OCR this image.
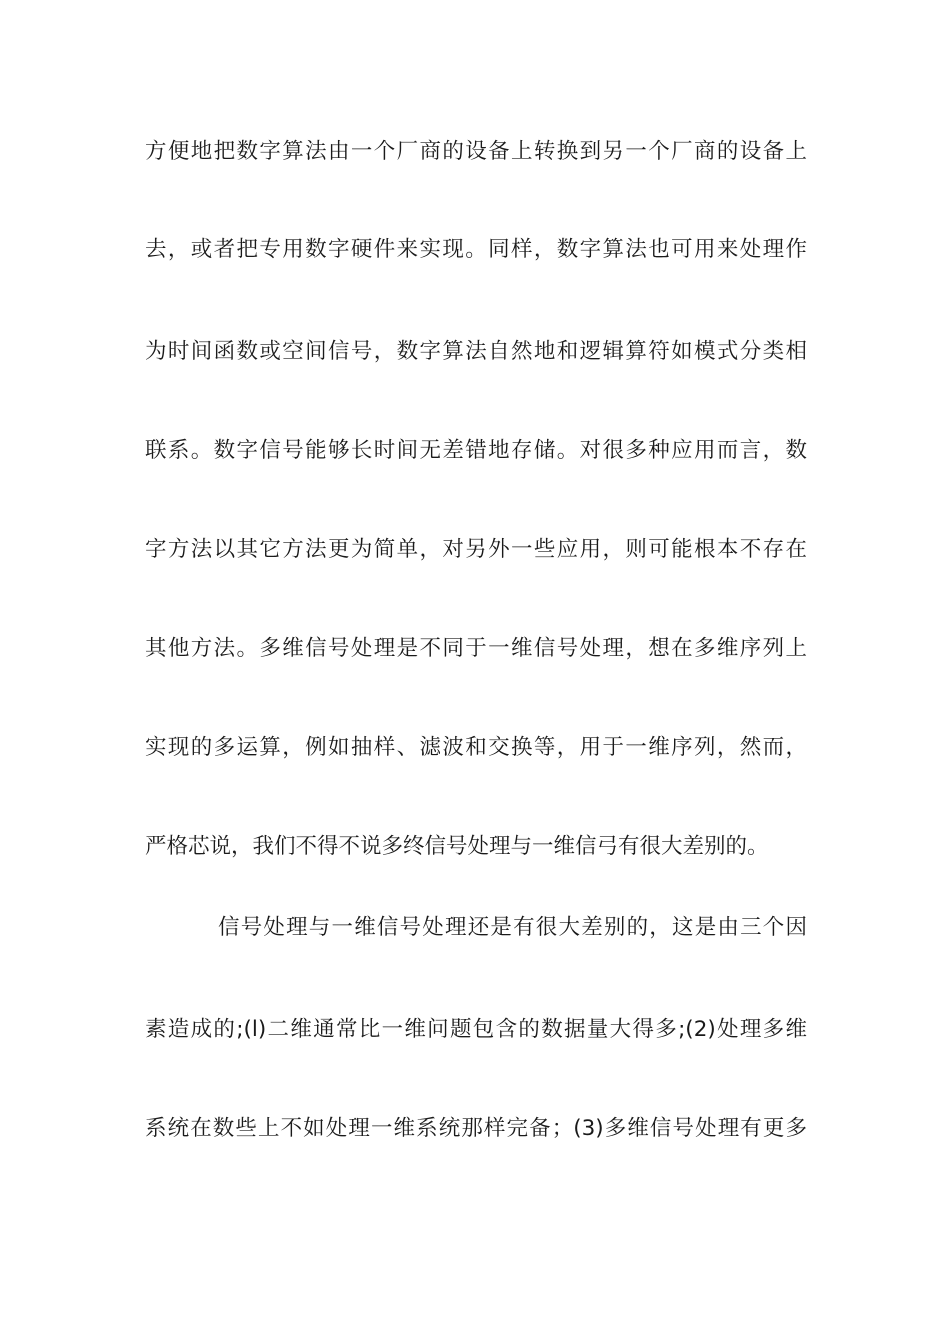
方便地把数字算法由一个厂商的设备上转换到另一个厂商的设备上
去，或者把专用数字硬件来实现。同样，数字算法也可用来处理作
为时间函数或空间信号，数字算法自然地和逻辑算符如模式分类相
联系。数字信号能够长时间无差错地存储。对很多种应用而言，数
字方法以其它方法更为简单，对另外一些应用，则可能根本不存在
其他方法。多维信号处理是不同于一维信号处理，想在多维序列上
实现的多运算，例如抽样、滤波和交换等，用于一维序列，然而，
严格芯说，我们不得不说多终信号处理与一维信弓有很大差别的。
信号处理与一维信号处理还是有很大差别的，这是由三个因
素造成的;(l)二维通常比一维问题包含的数据量大得多;(2)处理多维
系统在数些上不如处理一维系统那样完备；(3)多维信号处理有更多
